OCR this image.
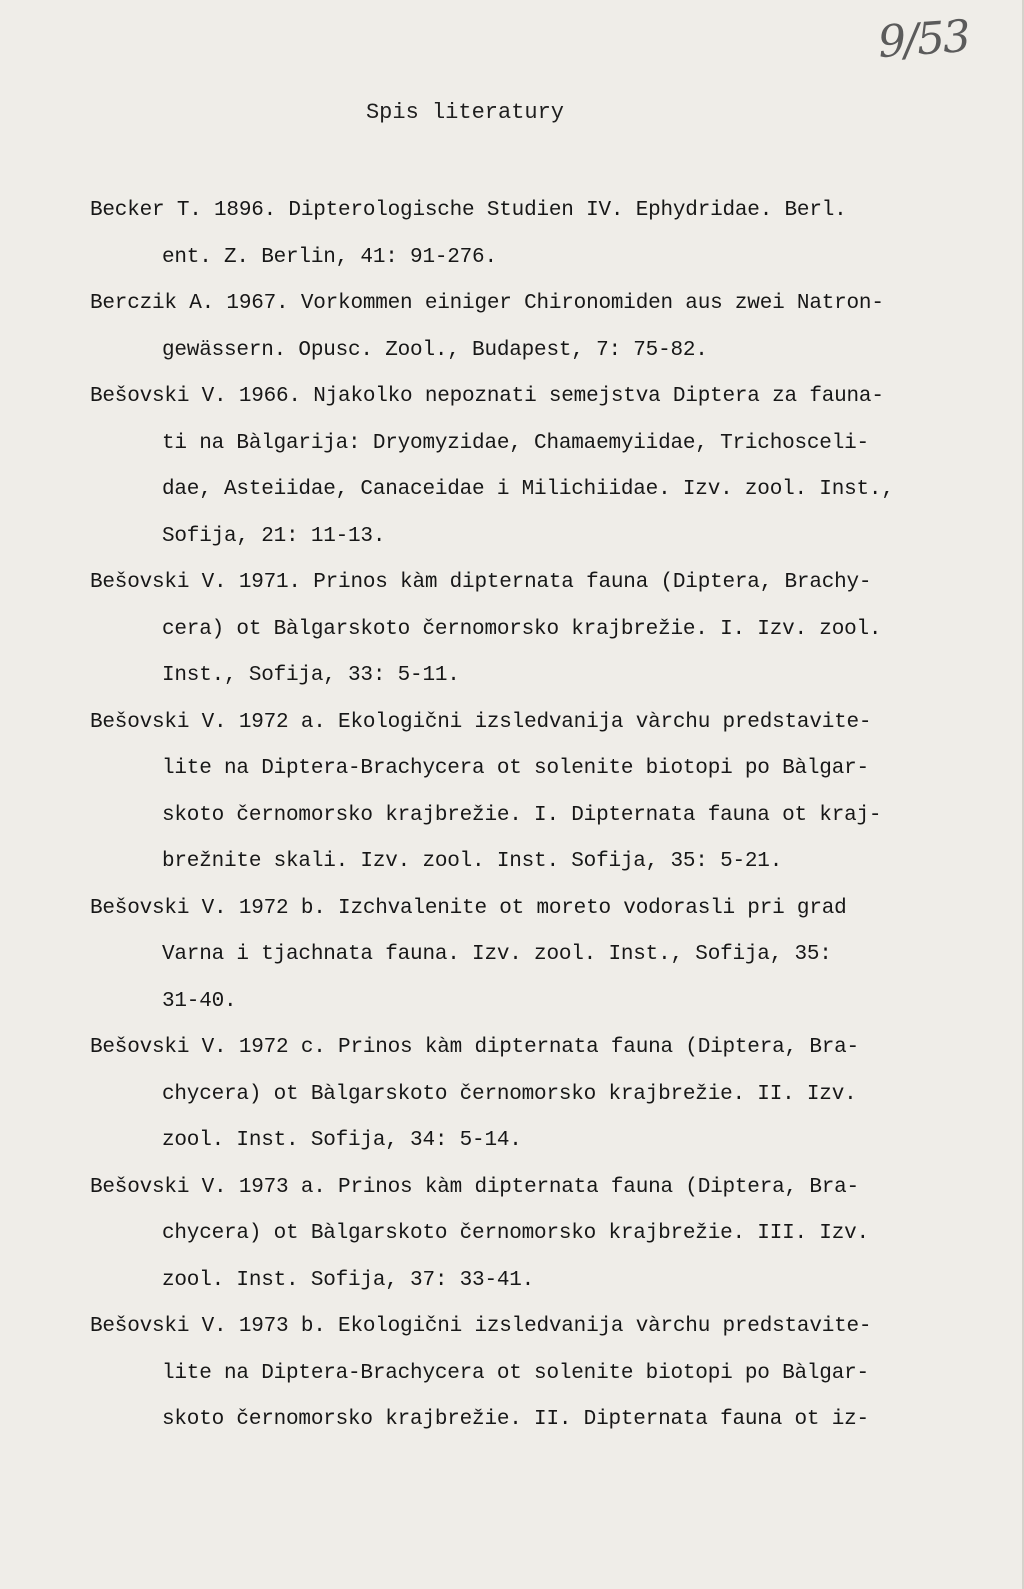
9/53
Spis literatury
Becker T. 1896. Dipterologische Studien IV. Ephydridae. Berl.
ent. Z. Berlin, 41: 91-276.
Berczik A. 1967. Vorkommen einiger Chironomiden aus zwei Natron-
gewässern. Opusc. Zool., Budapest, 7: 75-82.
Bešovski V. 1966. Njakolko nepoznati semejstva Diptera za fauna-
ti na Bàlgarija: Dryomyzidae, Chamaemyiidae, Trichosceli-
dae, Asteiidae, Canaceidae i Milichiidae. Izv. zool. Inst.,
Sofija, 21: 11-13.
Bešovski V. 1971. Prinos kàm dipternata fauna (Diptera, Brachy-
cera) ot Bàlgarskoto černomorsko krajbrežie. I. Izv. zool.
Inst., Sofija, 33: 5-11.
Bešovski V. 1972 a. Ekologični izsledvanija vàrchu predstavite-
lite na Diptera-Brachycera ot solenite biotopi po Bàlgar-
skoto černomorsko krajbrežie. I. Dipternata fauna ot kraj-
brežnite skali. Izv. zool. Inst. Sofija, 35: 5-21.
Bešovski V. 1972 b. Izchvalenite ot moreto vodorasli pri grad
Varna i tjachnata fauna. Izv. zool. Inst., Sofija, 35:
31-40.
Bešovski V. 1972 c. Prinos kàm dipternata fauna (Diptera, Bra-
chycera) ot Bàlgarskoto černomorsko krajbrežie. II. Izv.
zool. Inst. Sofija, 34: 5-14.
Bešovski V. 1973 a. Prinos kàm dipternata fauna (Diptera, Bra-
chycera) ot Bàlgarskoto černomorsko krajbrežie. III. Izv.
zool. Inst. Sofija, 37: 33-41.
Bešovski V. 1973 b. Ekologični izsledvanija vàrchu predstavite-
lite na Diptera-Brachycera ot solenite biotopi po Bàlgar-
skoto černomorsko krajbrežie. II. Dipternata fauna ot iz-
